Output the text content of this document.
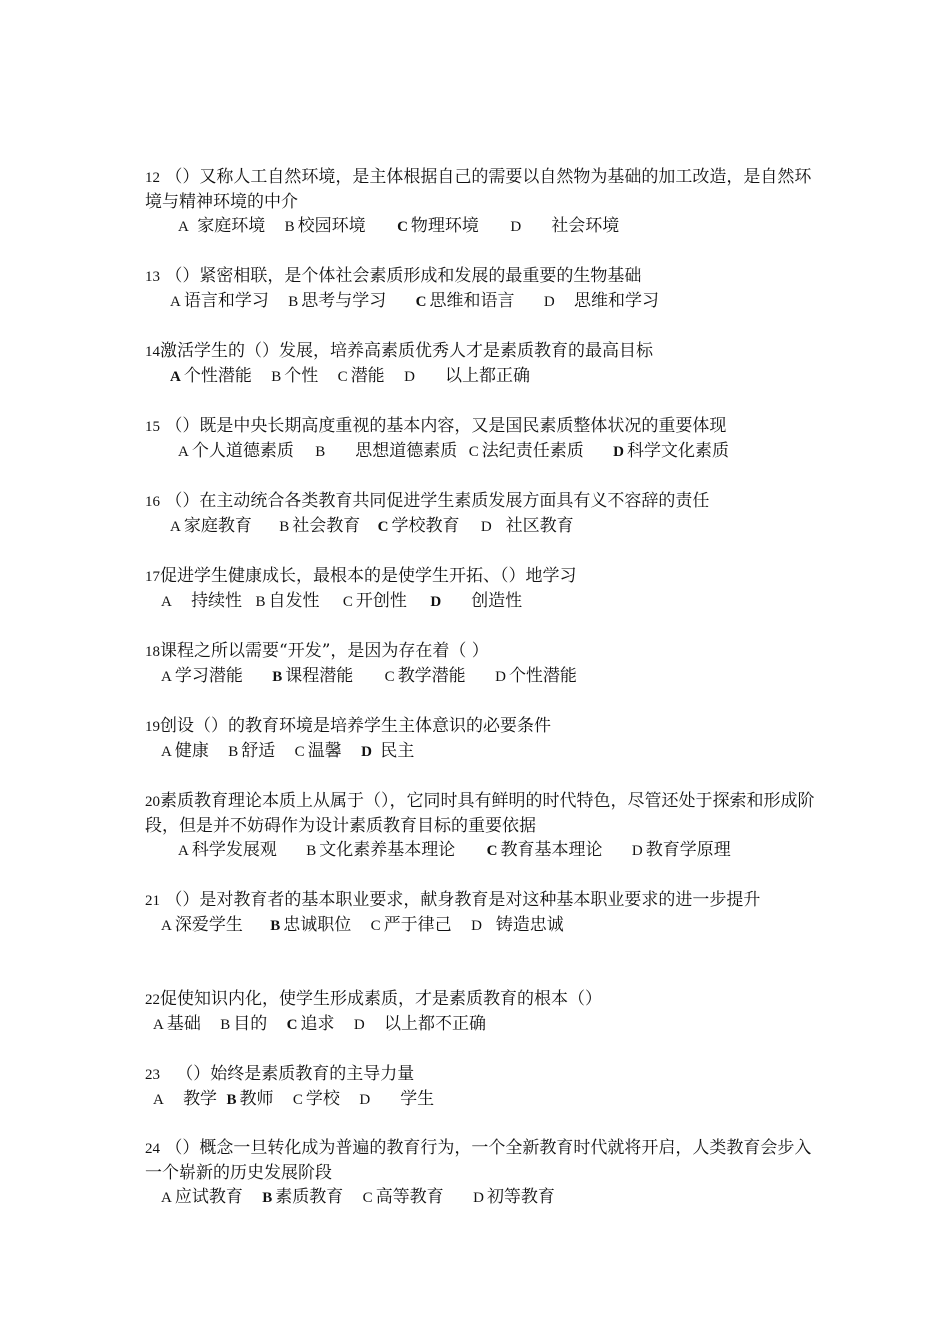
12 （）又称人工自然环境，是主体根据自己的需要以自然物为基础的加工改造，是自然环境与精神环境的中介

A 家庭环境 B 校园环境 C 物理环境 D 社会环境

13 （）紧密相联，是个体社会素质形成和发展的最重要的生物基础

A 语言和学习 B 思考与学习 C 思维和语言 D 思维和学习

14激活学生的（）发展，培养高素质优秀人才是素质教育的最高目标

A 个性潜能 B 个性 C 潜能 D 以上都正确

15 （）既是中央长期高度重视的基本内容，又是国民素质整体状况的重要体现

A 个人道德素质 B 思想道德素质 C 法纪责任素质 D 科学文化素质

16 （）在主动统合各类教育共同促进学生素质发展方面具有义不容辞的责任

A 家庭教育 B 社会教育 C 学校教育 D 社区教育

17促进学生健康成长，最根本的是使学生开拓、（）地学习

A 持续性 B 自发性 C 开创性 D 创造性

18课程之所以需要“开发”，是因为存在着（ ）

A 学习潜能 B 课程潜能 C 教学潜能 D 个性潜能

19创设（）的教育环境是培养学生主体意识的必要条件

A 健康 B 舒适 C 温馨 D 民主

20素质教育理论本质上从属于（），它同时具有鲜明的时代特色，尽管还处于探索和形成阶段，但是并不妨碍作为设计素质教育目标的重要依据

A 科学发展观 B 文化素养基本理论 C 教育基本理论 D 教育学原理

21 （）是对教育者的基本职业要求，献身教育是对这种基本职业要求的进一步提升

A 深爱学生 B 忠诚职位 C 严于律己 D 铸造忠诚

22促使知识内化，使学生形成素质，才是素质教育的根本（）

A 基础 B 目的 C 追求 D 以上都不正确

23 （）始终是素质教育的主导力量

A 教学 B 教师 C 学校 D 学生

24 （）概念一旦转化成为普遍的教育行为，一个全新教育时代就将开启，人类教育会步入一个崭新的历史发展阶段

A 应试教育 B 素质教育 C 高等教育 D 初等教育
